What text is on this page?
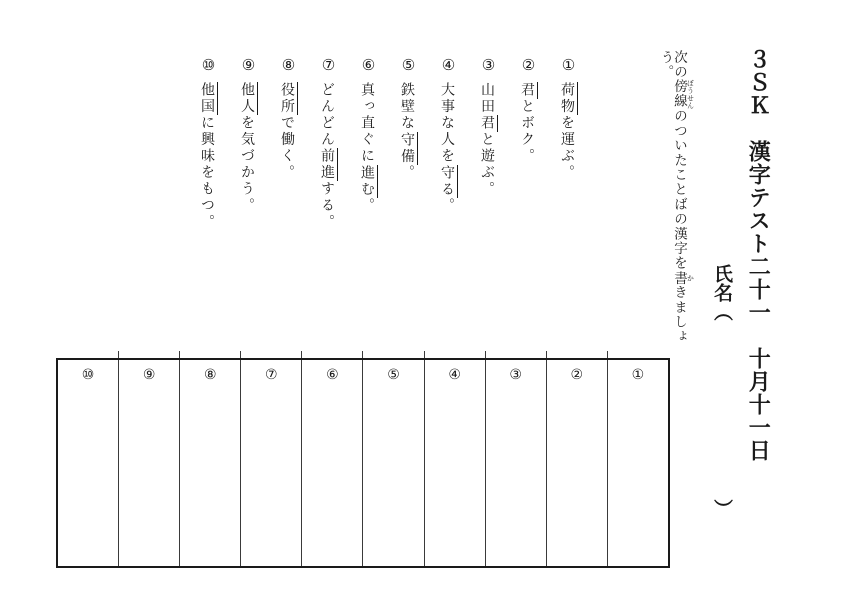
３ＳＫ　漢字テスト二十一　十月十一日
氏名（
）
次の傍線 ぼうせんのついたことばの漢字を書 かきましょう。
①
荷物を運ぶ。
②
君とボク。
③
山田君と遊ぶ。
④
大事な人を守る。
⑤
鉄壁な守備。
⑥
真っ直ぐに進む。
⑦
どんどん前進する。
⑧
役所で働く。
⑨
他人を気づかう。
⑩
他国に興味をもつ。
⑩	⑨	⑧	⑦	⑥	⑤	④	③	②	①
